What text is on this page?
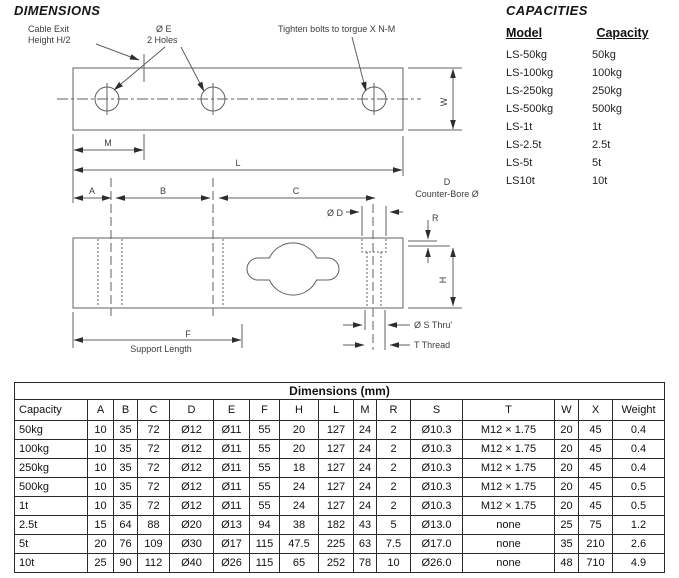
DIMENSIONS
Cable Exit
Height H/2
Ø E
2 Holes
Tighten bolts to torgue X N-M
W
M
L
A	B	C
Ø D
D
Counter-Bore Ø
R
H
F
Support Length
Ø S Thru'
T Thread
CAPACITIES
Model	Capacity
LS-50kg	50kg
LS-100kg	100kg
LS-250kg	250kg
LS-500kg	500kg
LS-1t	1t
LS-2.5t	2.5t
LS-5t	5t
LS10t	10t
Dimensions (mm)															
Capacity	A	B	C	D	E	F	H	L	M	R	S	T	W	X	Weight
50kg	10	35	72	Ø12	Ø11	55	20	127	24	2	Ø10.3	M12 × 1.75	20	45	0.4
100kg	10	35	72	Ø12	Ø11	55	20	127	24	2	Ø10.3	M12 × 1.75	20	45	0.4
250kg	10	35	72	Ø12	Ø11	55	18	127	24	2	Ø10.3	M12 × 1.75	20	45	0.4
500kg	10	35	72	Ø12	Ø11	55	24	127	24	2	Ø10.3	M12 × 1.75	20	45	0.5
1t	10	35	72	Ø12	Ø11	55	24	127	24	2	Ø10.3	M12 × 1.75	20	45	0.5
2.5t	15	64	88	Ø20	Ø13	94	38	182	43	5	Ø13.0	none	25	75	1.2
5t	20	76	109	Ø30	Ø17	115	47.5	225	63	7.5	Ø17.0	none	35	210	2.6
10t	25	90	112	Ø40	Ø26	115	65	252	78	10	Ø26.0	none	48	710	4.9
